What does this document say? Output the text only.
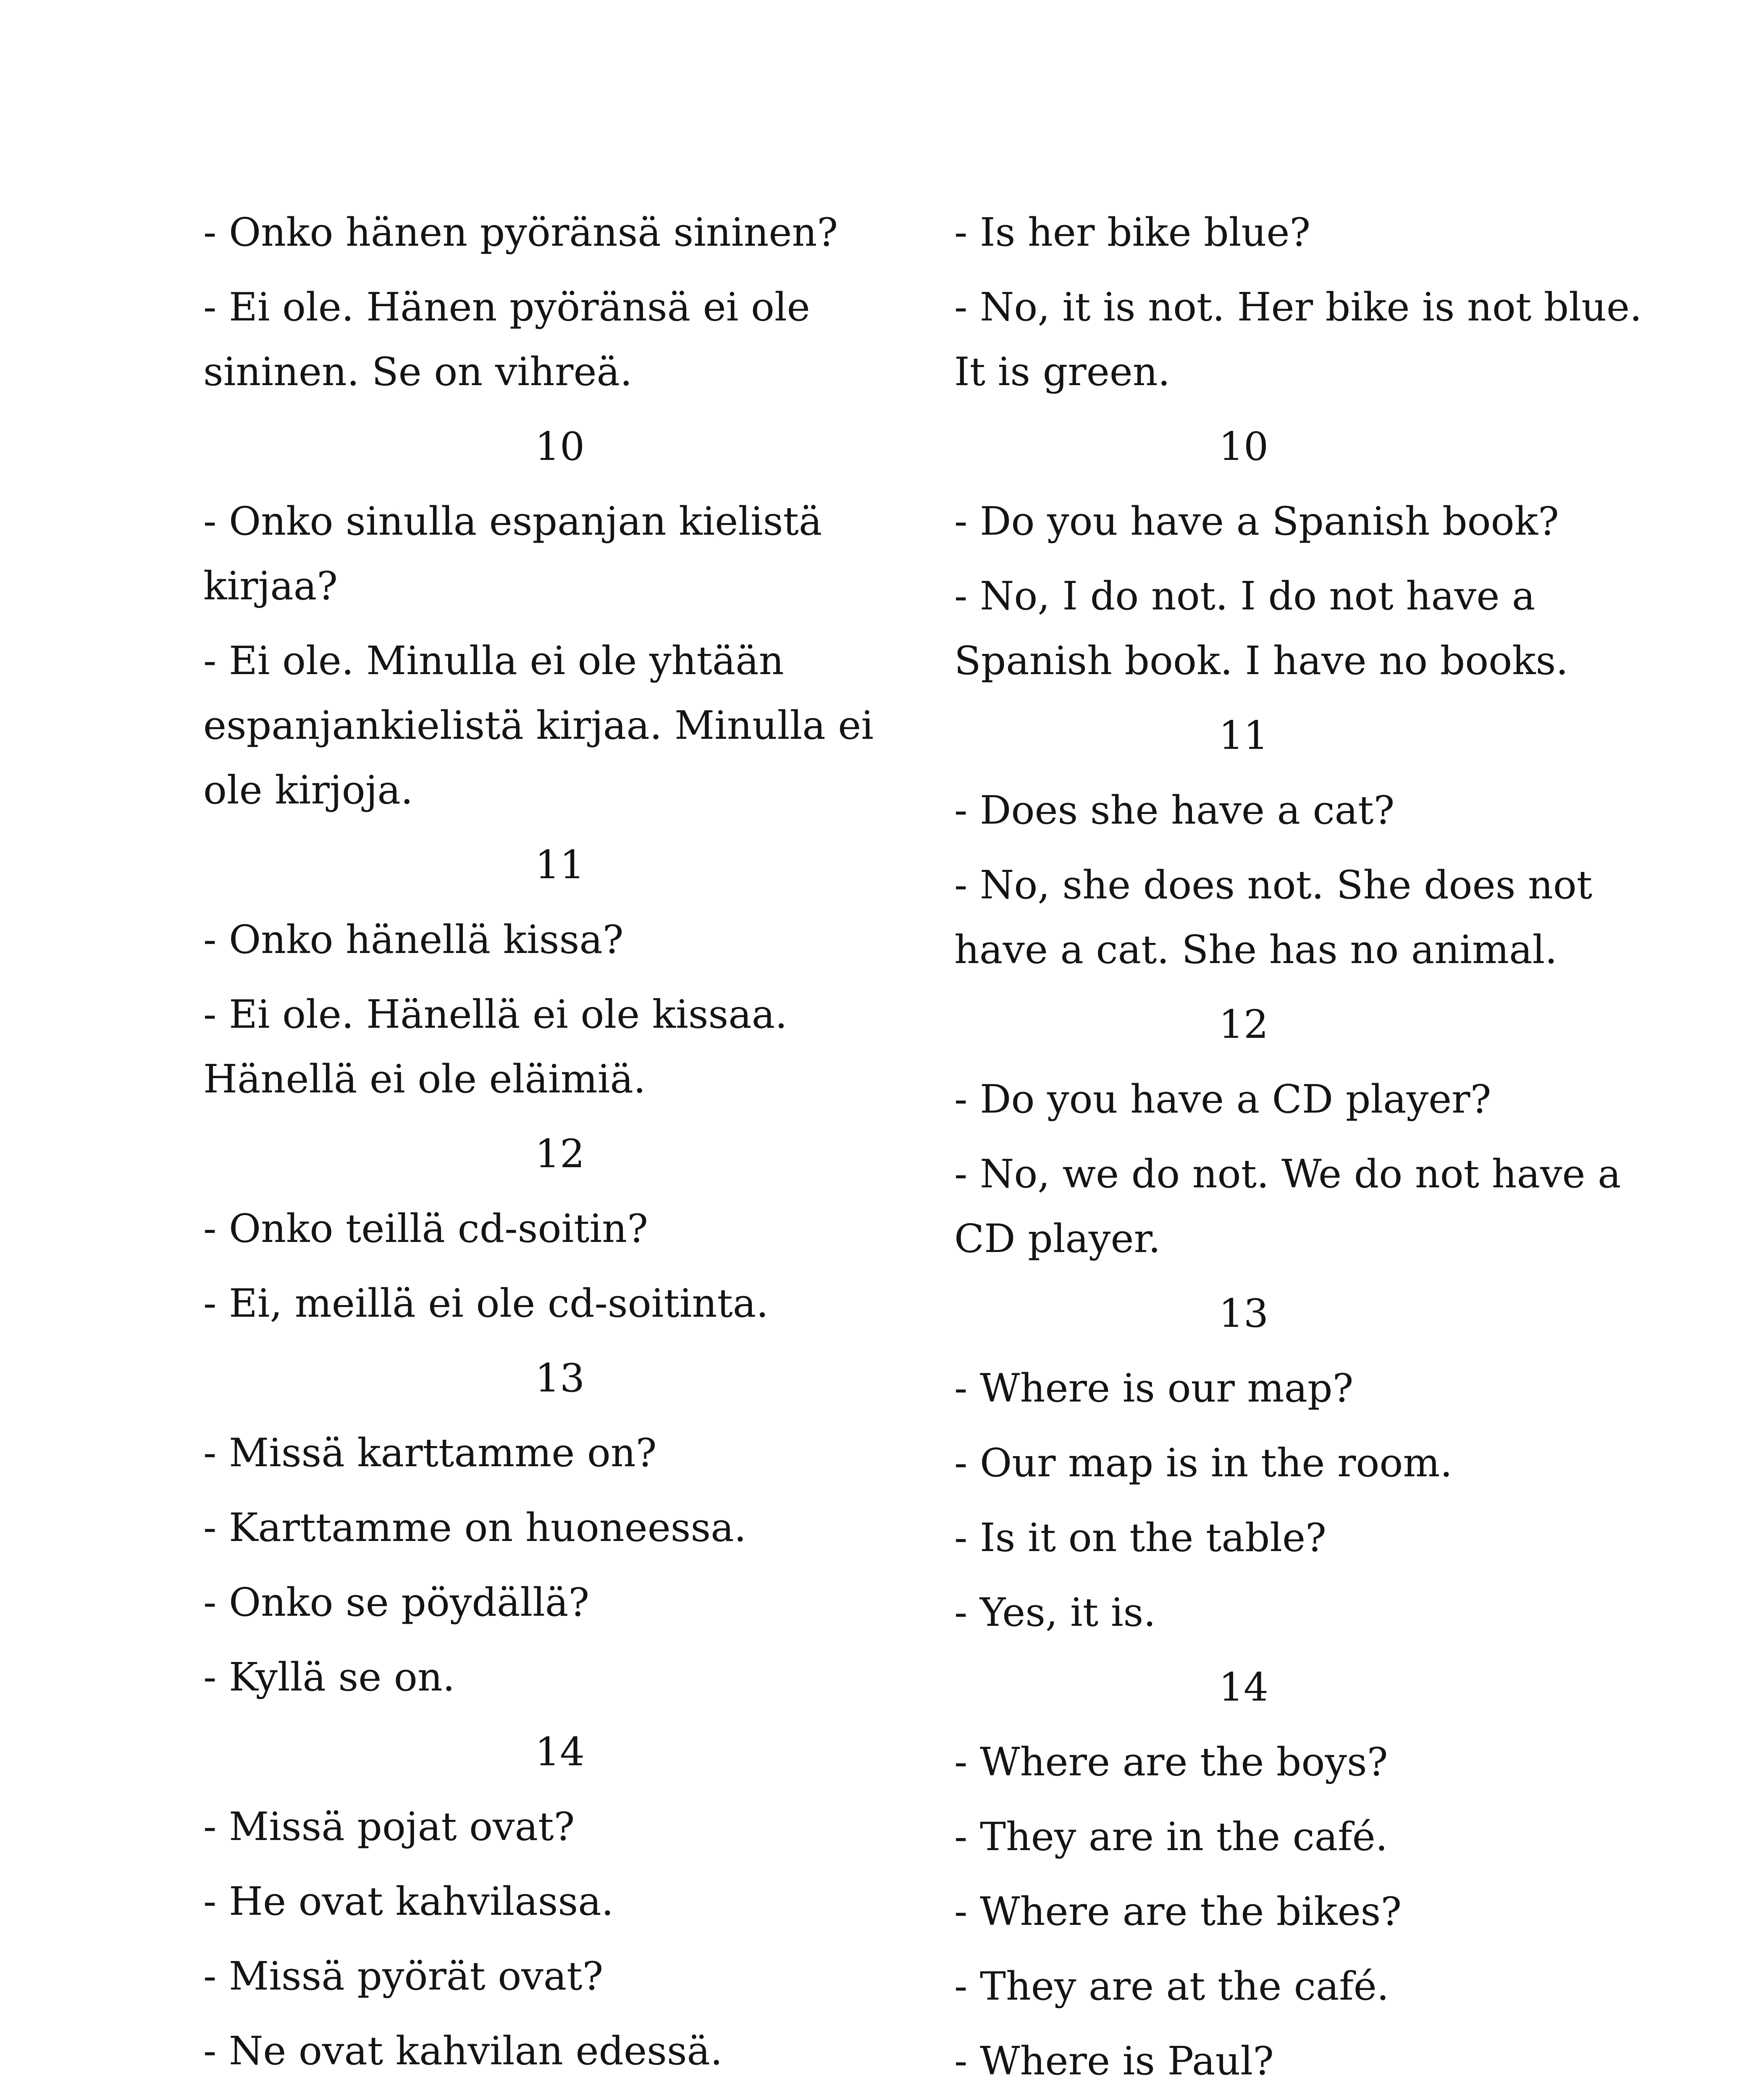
- Onko hänen pyöränsä sininen?
- Ei ole. Hänen pyöränsä ei ole sininen. Se on vihreä.
10
- Onko sinulla espanjan kielistä kirjaa?
- Ei ole. Minulla ei ole yhtään espanjankielistä kirjaa. Minulla ei ole kirjoja.
11
- Onko hänellä kissa?
- Ei ole. Hänellä ei ole kissaa. Hänellä ei ole eläimiä.
12
- Onko teillä cd-soitin?
- Ei, meillä ei ole cd-soitinta.
13
- Missä karttamme on?
- Karttamme on huoneessa.
- Onko se pöydällä?
- Kyllä se on.
14
- Missä pojat ovat?
- He ovat kahvilassa.
- Missä pyörät ovat?
- Ne ovat kahvilan edessä.
- Is her bike blue?
- No, it is not. Her bike is not blue. It is green.
10
- Do you have a Spanish book?
- No, I do not. I do not have a Spanish book. I have no books.
11
- Does she have a cat?
- No, she does not. She does not have a cat. She has no animal.
12
- Do you have a CD player?
- No, we do not. We do not have a CD player.
13
- Where is our map?
- Our map is in the room.
- Is it on the table?
- Yes, it is.
14
- Where are the boys?
- They are in the café.
- Where are the bikes?
- They are at the café.
- Where is Paul?
